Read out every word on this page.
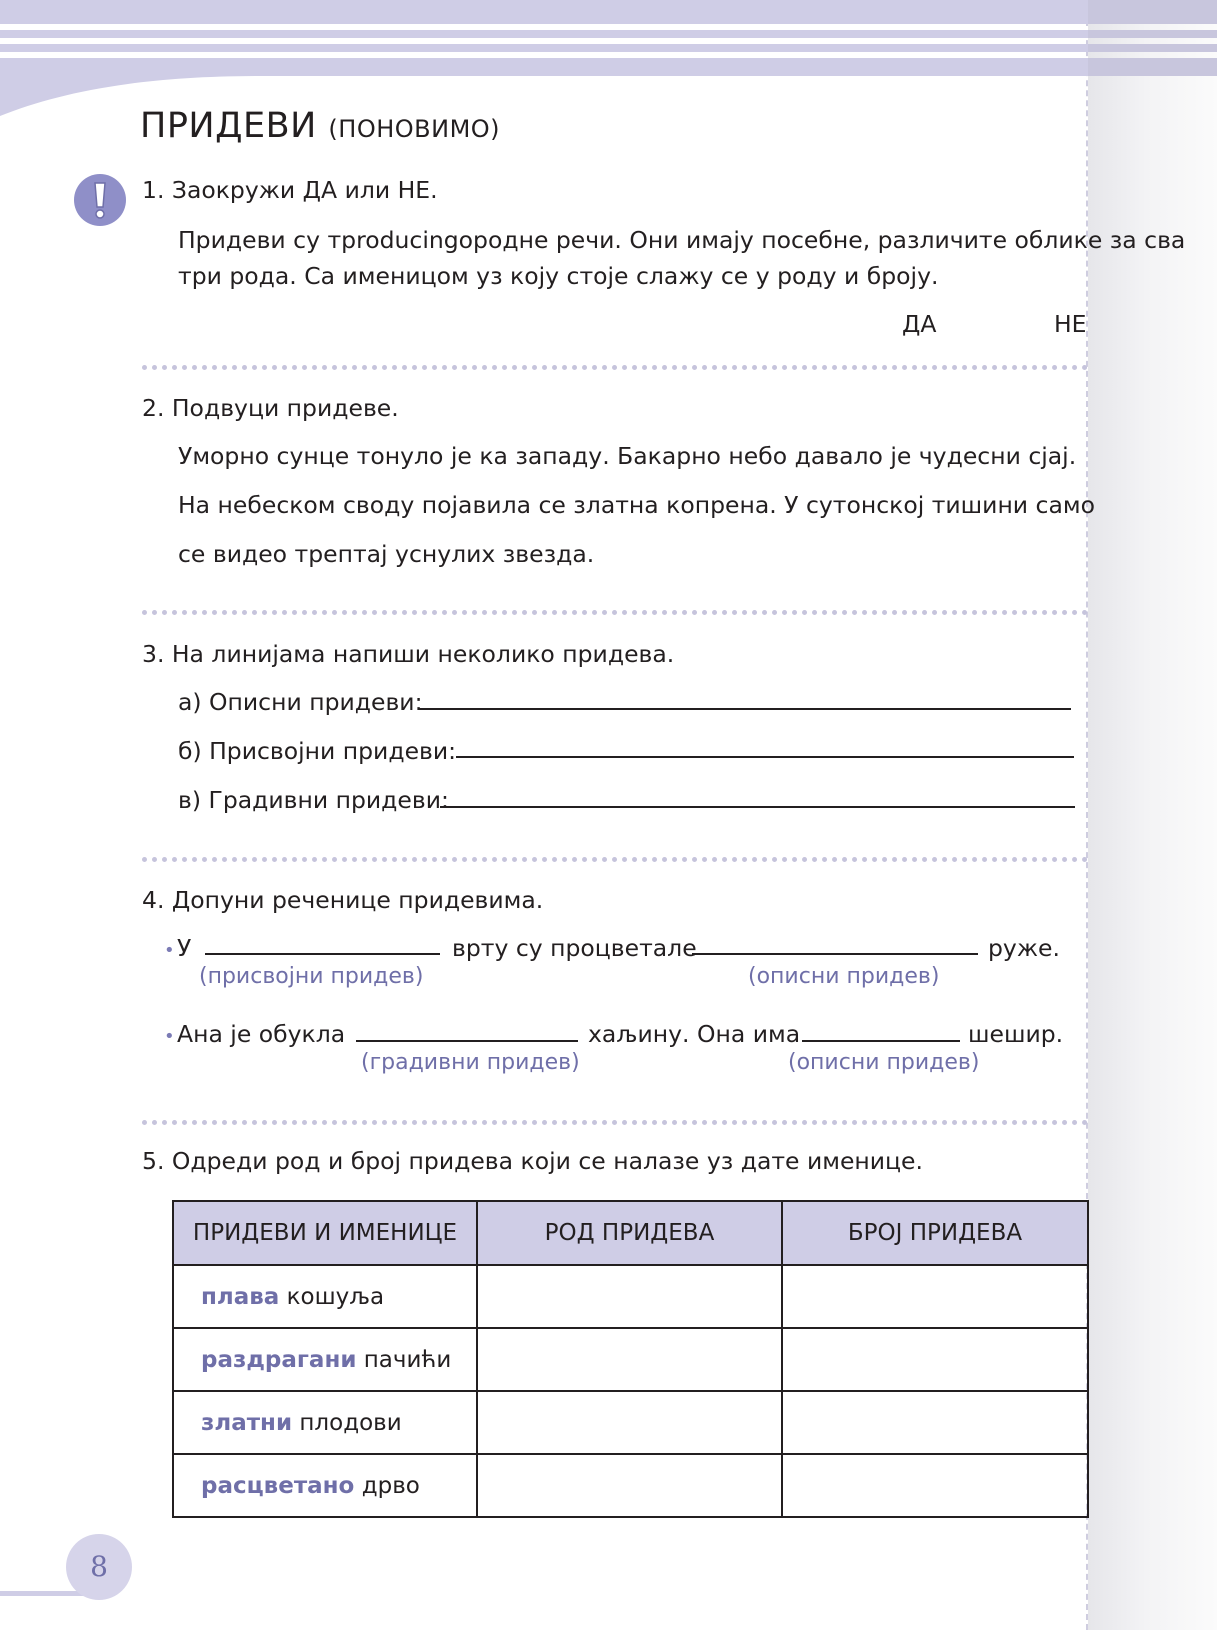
ПРИДЕВИ (ПОНОВИМО)
1. Заокружи ДА или НЕ.
Придеви су тproducingородне речи. Они имају посебне, различите облике за сва
три рода. Са именицом уз коју стоје слажу се у роду и броју.
ДА	НЕ
2. Подвуци придеве.
Уморно сунце тонуло је ка западу. Бакарно небо давало је чудесни сјај.
На небеском своду појавила се златна копрена. У сутонској тишини само
се видео трептај уснулих звезда.
3. На линијама напиши неколико придева.
а) Описни придеви:
б) Присвојни придеви:
в) Градивни придеви:
4. Допуни реченице придевима.
• У	врту су процветале	руже.
(присвојни придев)	(описни придев)
• Ана је обукла	хаљину. Она има	шешир.
(градивни придев)	(описни придев)
5. Одреди род и број придева који се налазе уз дате именице.
ПРИДЕВИ И ИМЕНИЦЕ	РОД ПРИДЕВА	БРОЈ ПРИДЕВА
плава кошуља		
раздрагани пачићи		
златни плодови		
расцветано дрво		
8
